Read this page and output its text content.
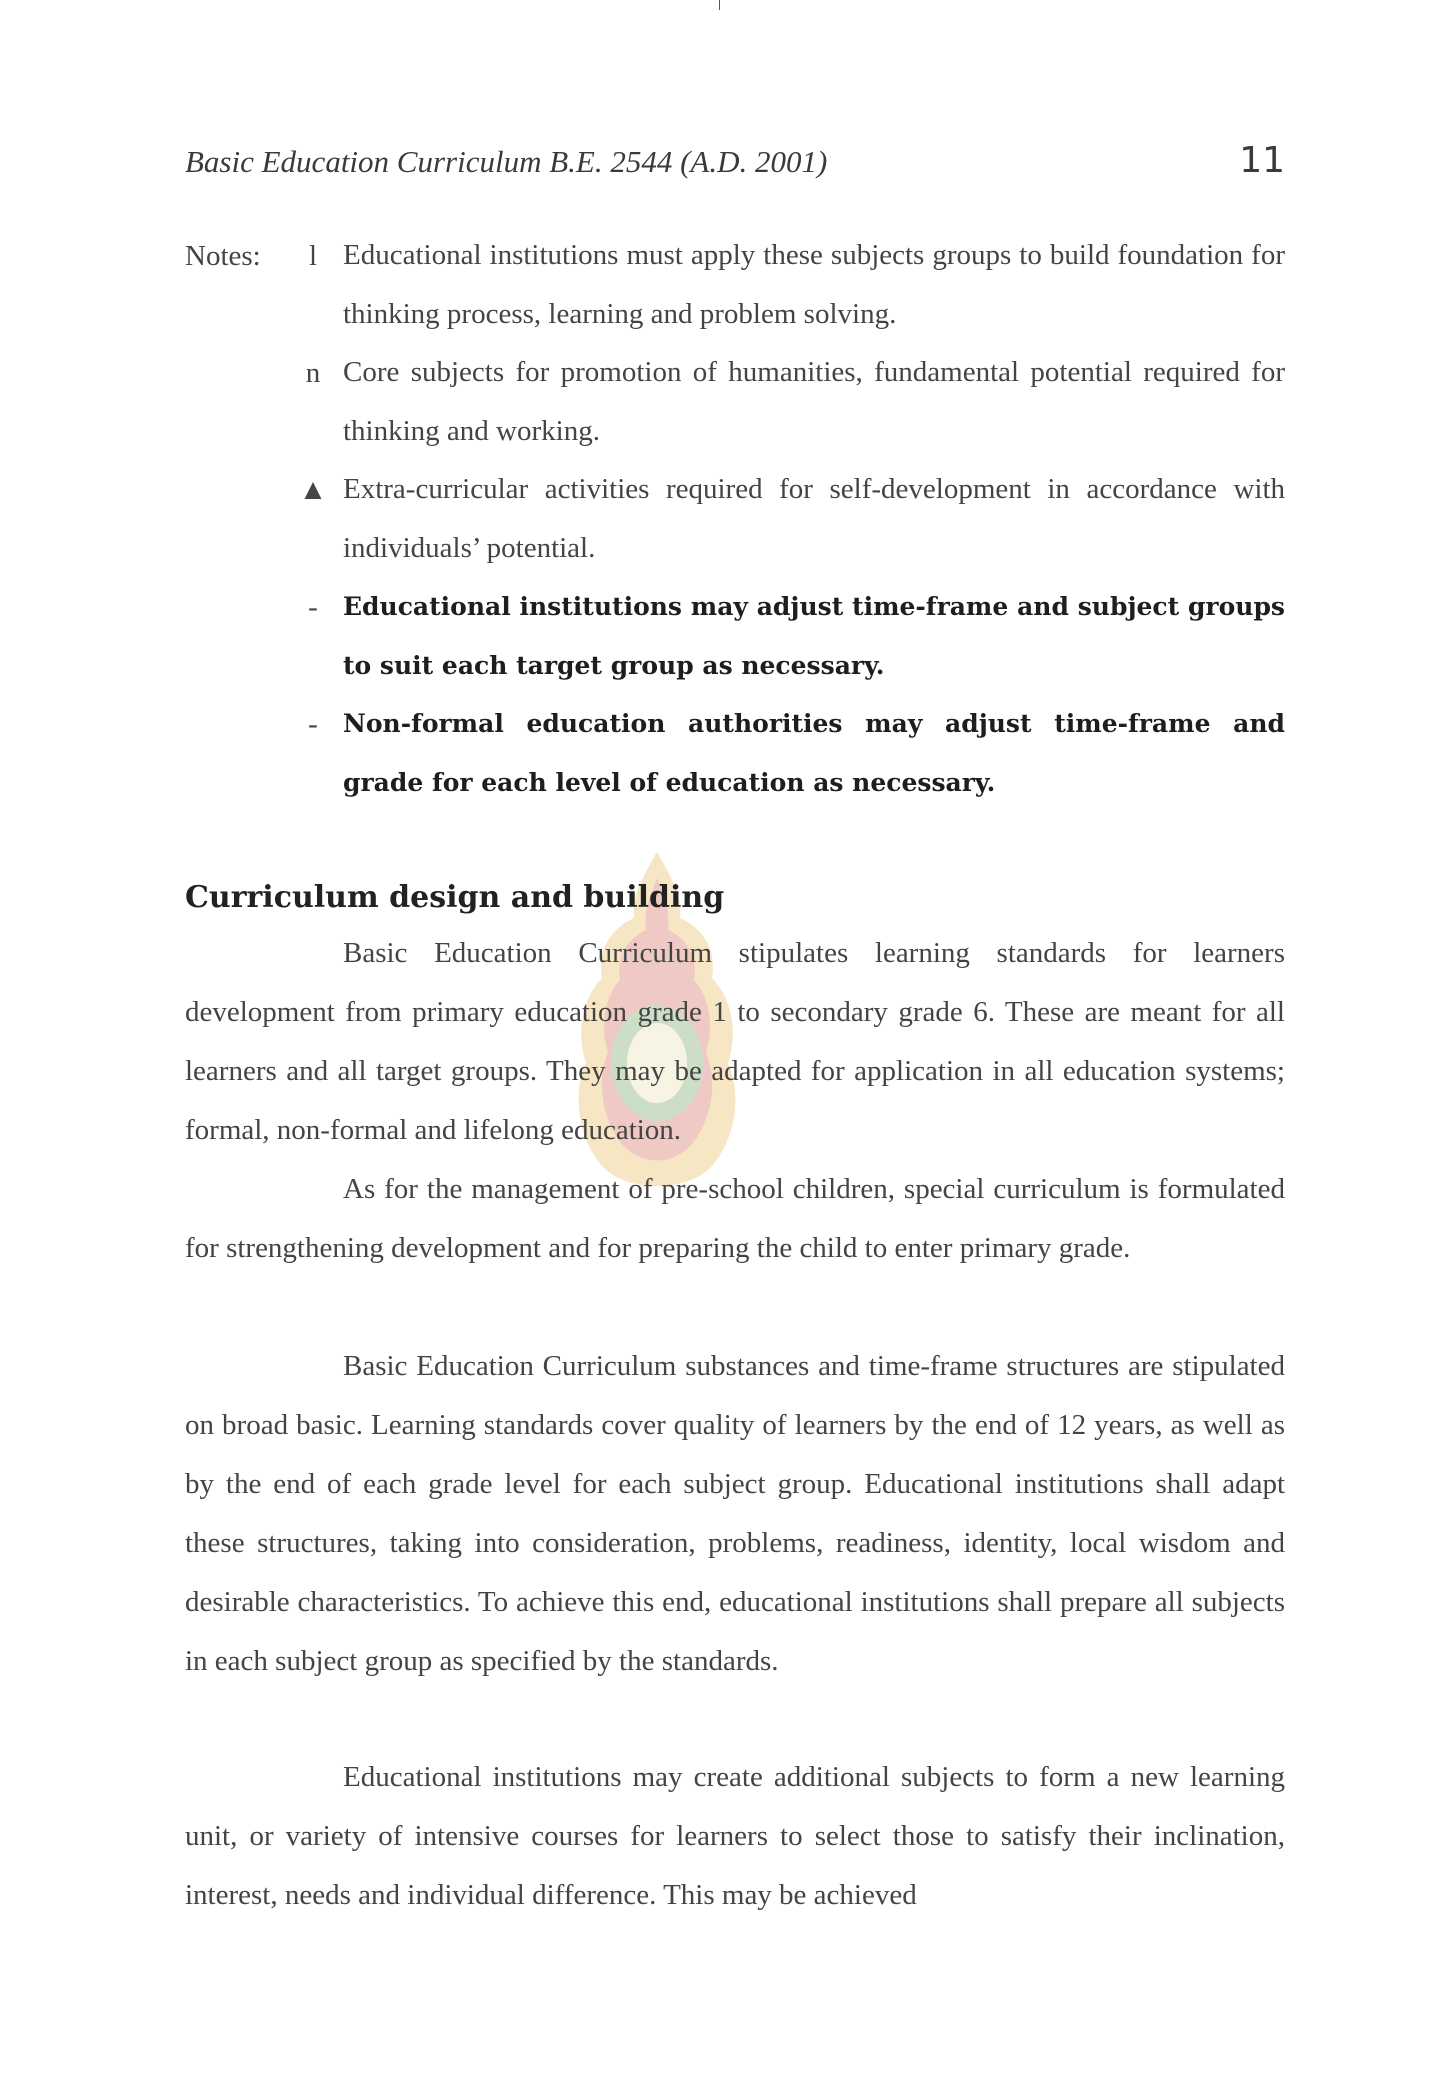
Basic Education Curriculum B.E. 2544 (A.D. 2001)	11
Notes:	l Educational institutions must apply these subjects groups to build foundation for thinking process, learning and problem solving.
n Core subjects for promotion of humanities, fundamental potential required for thinking and working.
▲ Extra-curricular activities required for self-development in accordance with individuals’ potential.
-	Educational institutions may adjust time-frame and subject groups to suit each target group as necessary.
-	Non-formal education authorities may adjust time-frame and grade for each level of education as necessary.
Curriculum design and building
Basic Education Curriculum stipulates learning standards for learners development from primary education grade 1 to secondary grade 6. These are meant for all learners and all target groups. They may be adapted for application in all education systems; formal, non-formal and lifelong education.
As for the management of pre-school children, special curriculum is formulated for strengthening development and for preparing the child to enter primary grade.
Basic Education Curriculum substances and time-frame structures are stipulated on broad basic. Learning standards cover quality of learners by the end of 12 years, as well as by the end of each grade level for each subject group. Educational institutions shall adapt these structures, taking into consideration, problems, readiness, identity, local wisdom and desirable characteristics. To achieve this end, educational institutions shall prepare all subjects in each subject group as specified by the standards.
Educational institutions may create additional subjects to form a new learning unit, or variety of intensive courses for learners to select those to satisfy their inclination, interest, needs and individual difference. This may be achieved
